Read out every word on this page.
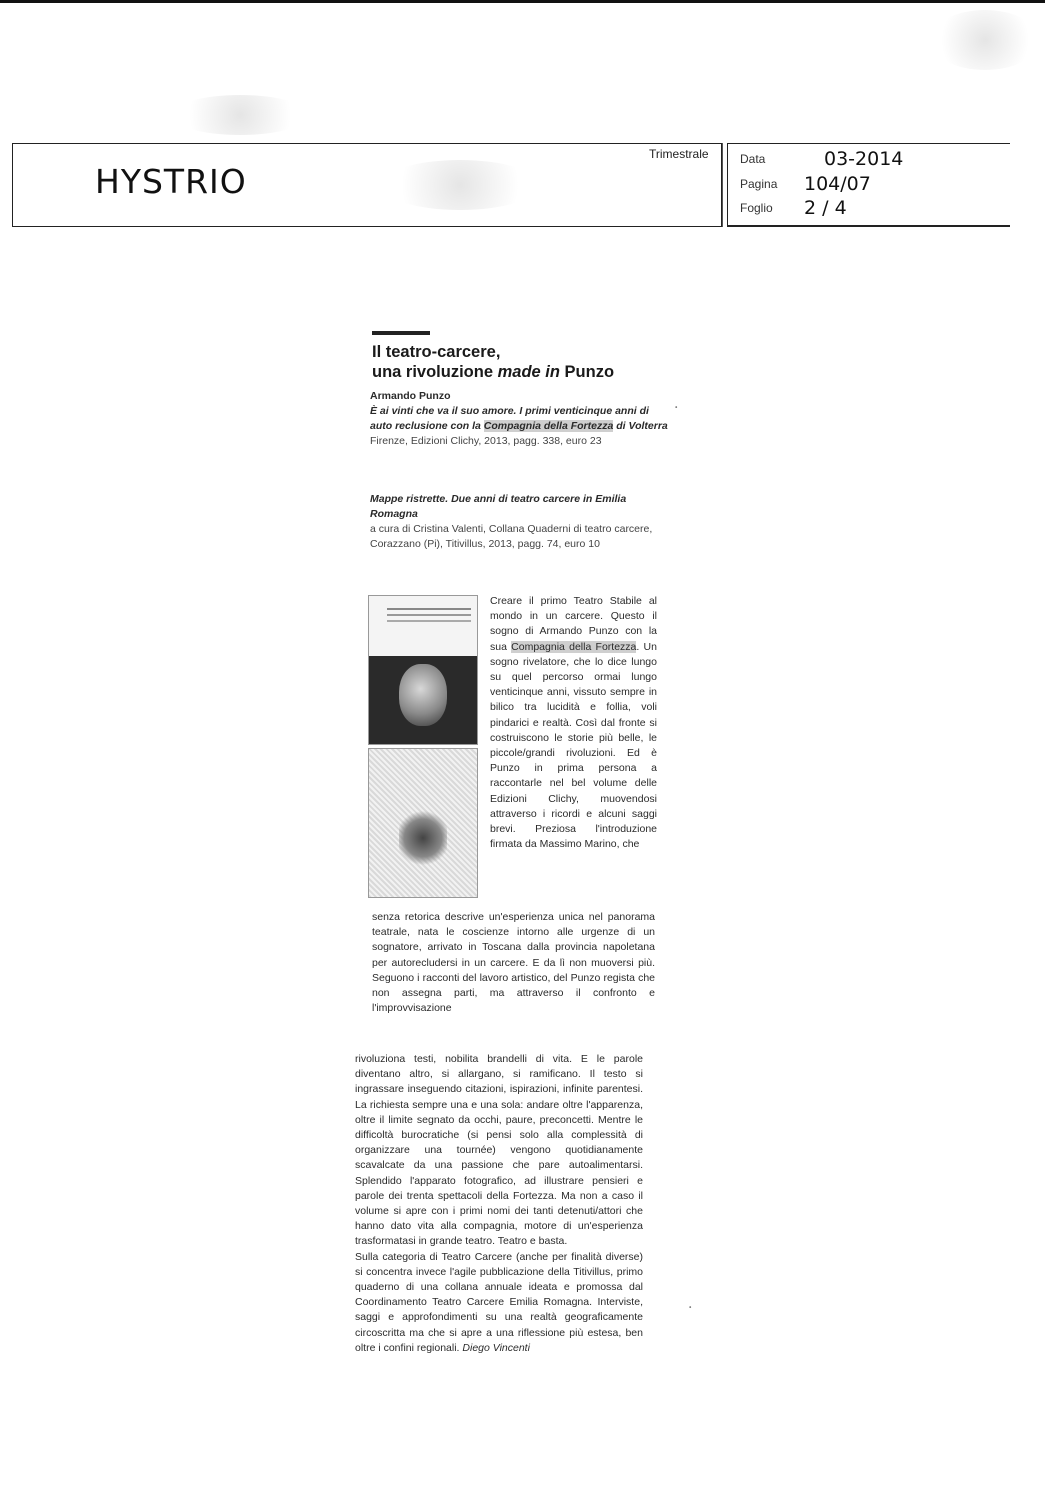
HYSTRIO
Trimestrale	Data	03-2014
Pagina 104/07
Foglio 2 / 4
Il teatro-carcere,
una rivoluzione made in Punzo
Armando Punzo
È ai vinti che va il suo amore. I primi venticinque anni di auto reclusione con la Compagnia della Fortezza di Volterra
Firenze, Edizioni Clichy, 2013, pagg. 338, euro 23
Mappe ristrette. Due anni di teatro carcere in Emilia Romagna
a cura di Cristina Valenti, Collana Quaderni di teatro carcere, Corazzano (Pi), Titivillus, 2013, pagg. 74, euro 10
Creare il primo Teatro Stabile al mondo in un carcere. Questo il sogno di Armando Punzo con la sua Compagnia della Fortezza. Un sogno rivelatore, che lo dice lungo su quel percorso ormai lungo venticinque anni, vissuto sempre in bilico tra lucidità e follia, voli pindarici e realtà. Così dal fronte si costruiscono le storie più belle, le piccole/grandi rivoluzioni. Ed è Punzo in prima persona a raccontarle nel bel volume delle Edizioni Clichy, muovendosi attraverso i ricordi e alcuni saggi brevi. Preziosa l'introduzione firmata da Massimo Marino, che
senza retorica descrive un'esperienza unica nel panorama teatrale, nata le coscienze intorno alle urgenze di un sognatore, arrivato in Toscana dalla provincia napoletana per autorecludersi in un carcere. E da lì non muoversi più. Seguono i racconti del lavoro artistico, del Punzo regista che non assegna parti, ma attraverso il confronto e l'improvvisazione
rivoluziona testi, nobilita brandelli di vita. E le parole diventano altro, si allargano, si ramificano. Il testo si ingrassare inseguendo citazioni, ispirazioni, infinite parentesi. La richiesta sempre una e una sola: andare oltre l'apparenza, oltre il limite segnato da occhi, paure, preconcetti. Mentre le difficoltà burocratiche (si pensi solo alla complessità di organizzare una tournée) vengono quotidianamente scavalcate da una passione che pare autoalimentarsi. Splendido l'apparato fotografico, ad illustrare pensieri e parole dei trenta spettacoli della Fortezza. Ma non a caso il volume si apre con i primi nomi dei tanti detenuti/attori che hanno dato vita alla compagnia, motore di un'esperienza trasformatasi in grande teatro. Teatro e basta.
Sulla categoria di Teatro Carcere (anche per finalità diverse) si concentra invece l'agile pubblicazione della Titivillus, primo quaderno di una collana annuale ideata e promossa dal Coordinamento Teatro Carcere Emilia Romagna. Interviste, saggi e approfondimenti su una realtà geograficamente circoscritta ma che si apre a una riflessione più estesa, ben oltre i confini regionali. Diego Vincenti
·
·
